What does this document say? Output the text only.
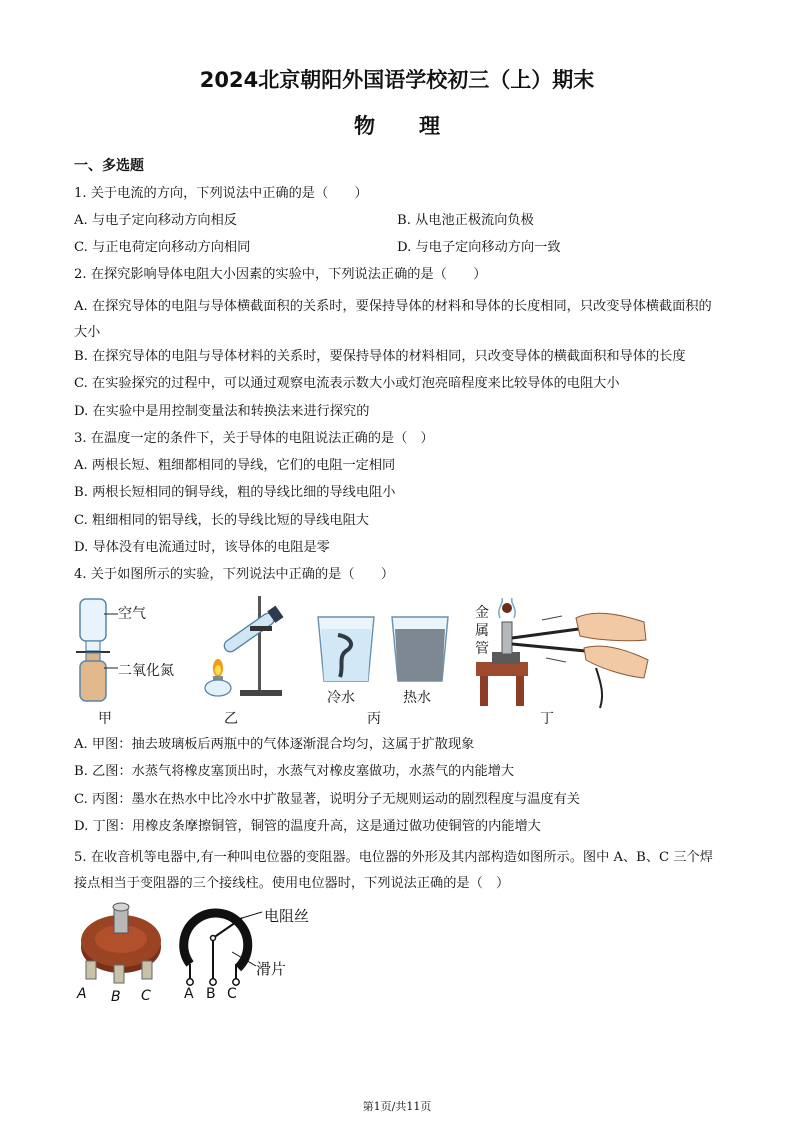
2024北京朝阳外国语学校初三（上）期末
物理
一、多选题
1. 关于电流的方向，下列说法中正确的是（　　）
A. 与电子定向移动方向相反	B. 从电池正极流向负极
C. 与正电荷定向移动方向相同	D. 与电子定向移动方向一致
2. 在探究影响导体电阻大小因素的实验中，下列说法正确的是（　　）
A. 在探究导体的电阻与导体横截面积的关系时，要保持导体的材料和导体的长度相同，只改变导体横截面积的大小
B. 在探究导体的电阻与导体材料的关系时，要保持导体的材料相同，只改变导体的横截面积和导体的长度
C. 在实验探究的过程中，可以通过观察电流表示数大小或灯泡亮暗程度来比较导体的电阻大小
D. 在实验中是用控制变量法和转换法来进行探究的
3. 在温度一定的条件下，关于导体的电阻说法正确的是（　）
A. 两根长短、粗细都相同的导线，它们的电阻一定相同
B. 两根长短相同的铜导线，粗的导线比细的导线电阻小
C. 粗细相同的铝导线，长的导线比短的导线电阻大
D. 导体没有电流通过时，该导体的电阻是零
4. 关于如图所示的实验，下列说法中正确的是（　　）
空气
二氧化氮
甲	乙
冷水	热水
丙
金
属
管
丁
A. 甲图：抽去玻璃板后两瓶中的气体逐渐混合均匀，这属于扩散现象
B. 乙图：水蒸气将橡皮塞顶出时，水蒸气对橡皮塞做功，水蒸气的内能增大
C. 丙图：墨水在热水中比冷水中扩散显著，说明分子无规则运动的剧烈程度与温度有关
D. 丁图：用橡皮条摩擦铜管，铜管的温度升高，这是通过做功使铜管的内能增大
5. 在收音机等电器中,有一种叫电位器的变阻器。电位器的外形及其内部构造如图所示。图中 A、B、C 三个焊接点相当于变阻器的三个接线柱。使用电位器时，下列说法正确的是（　）
A B C
电阻丝
滑片
A B C
第1页/共11页
